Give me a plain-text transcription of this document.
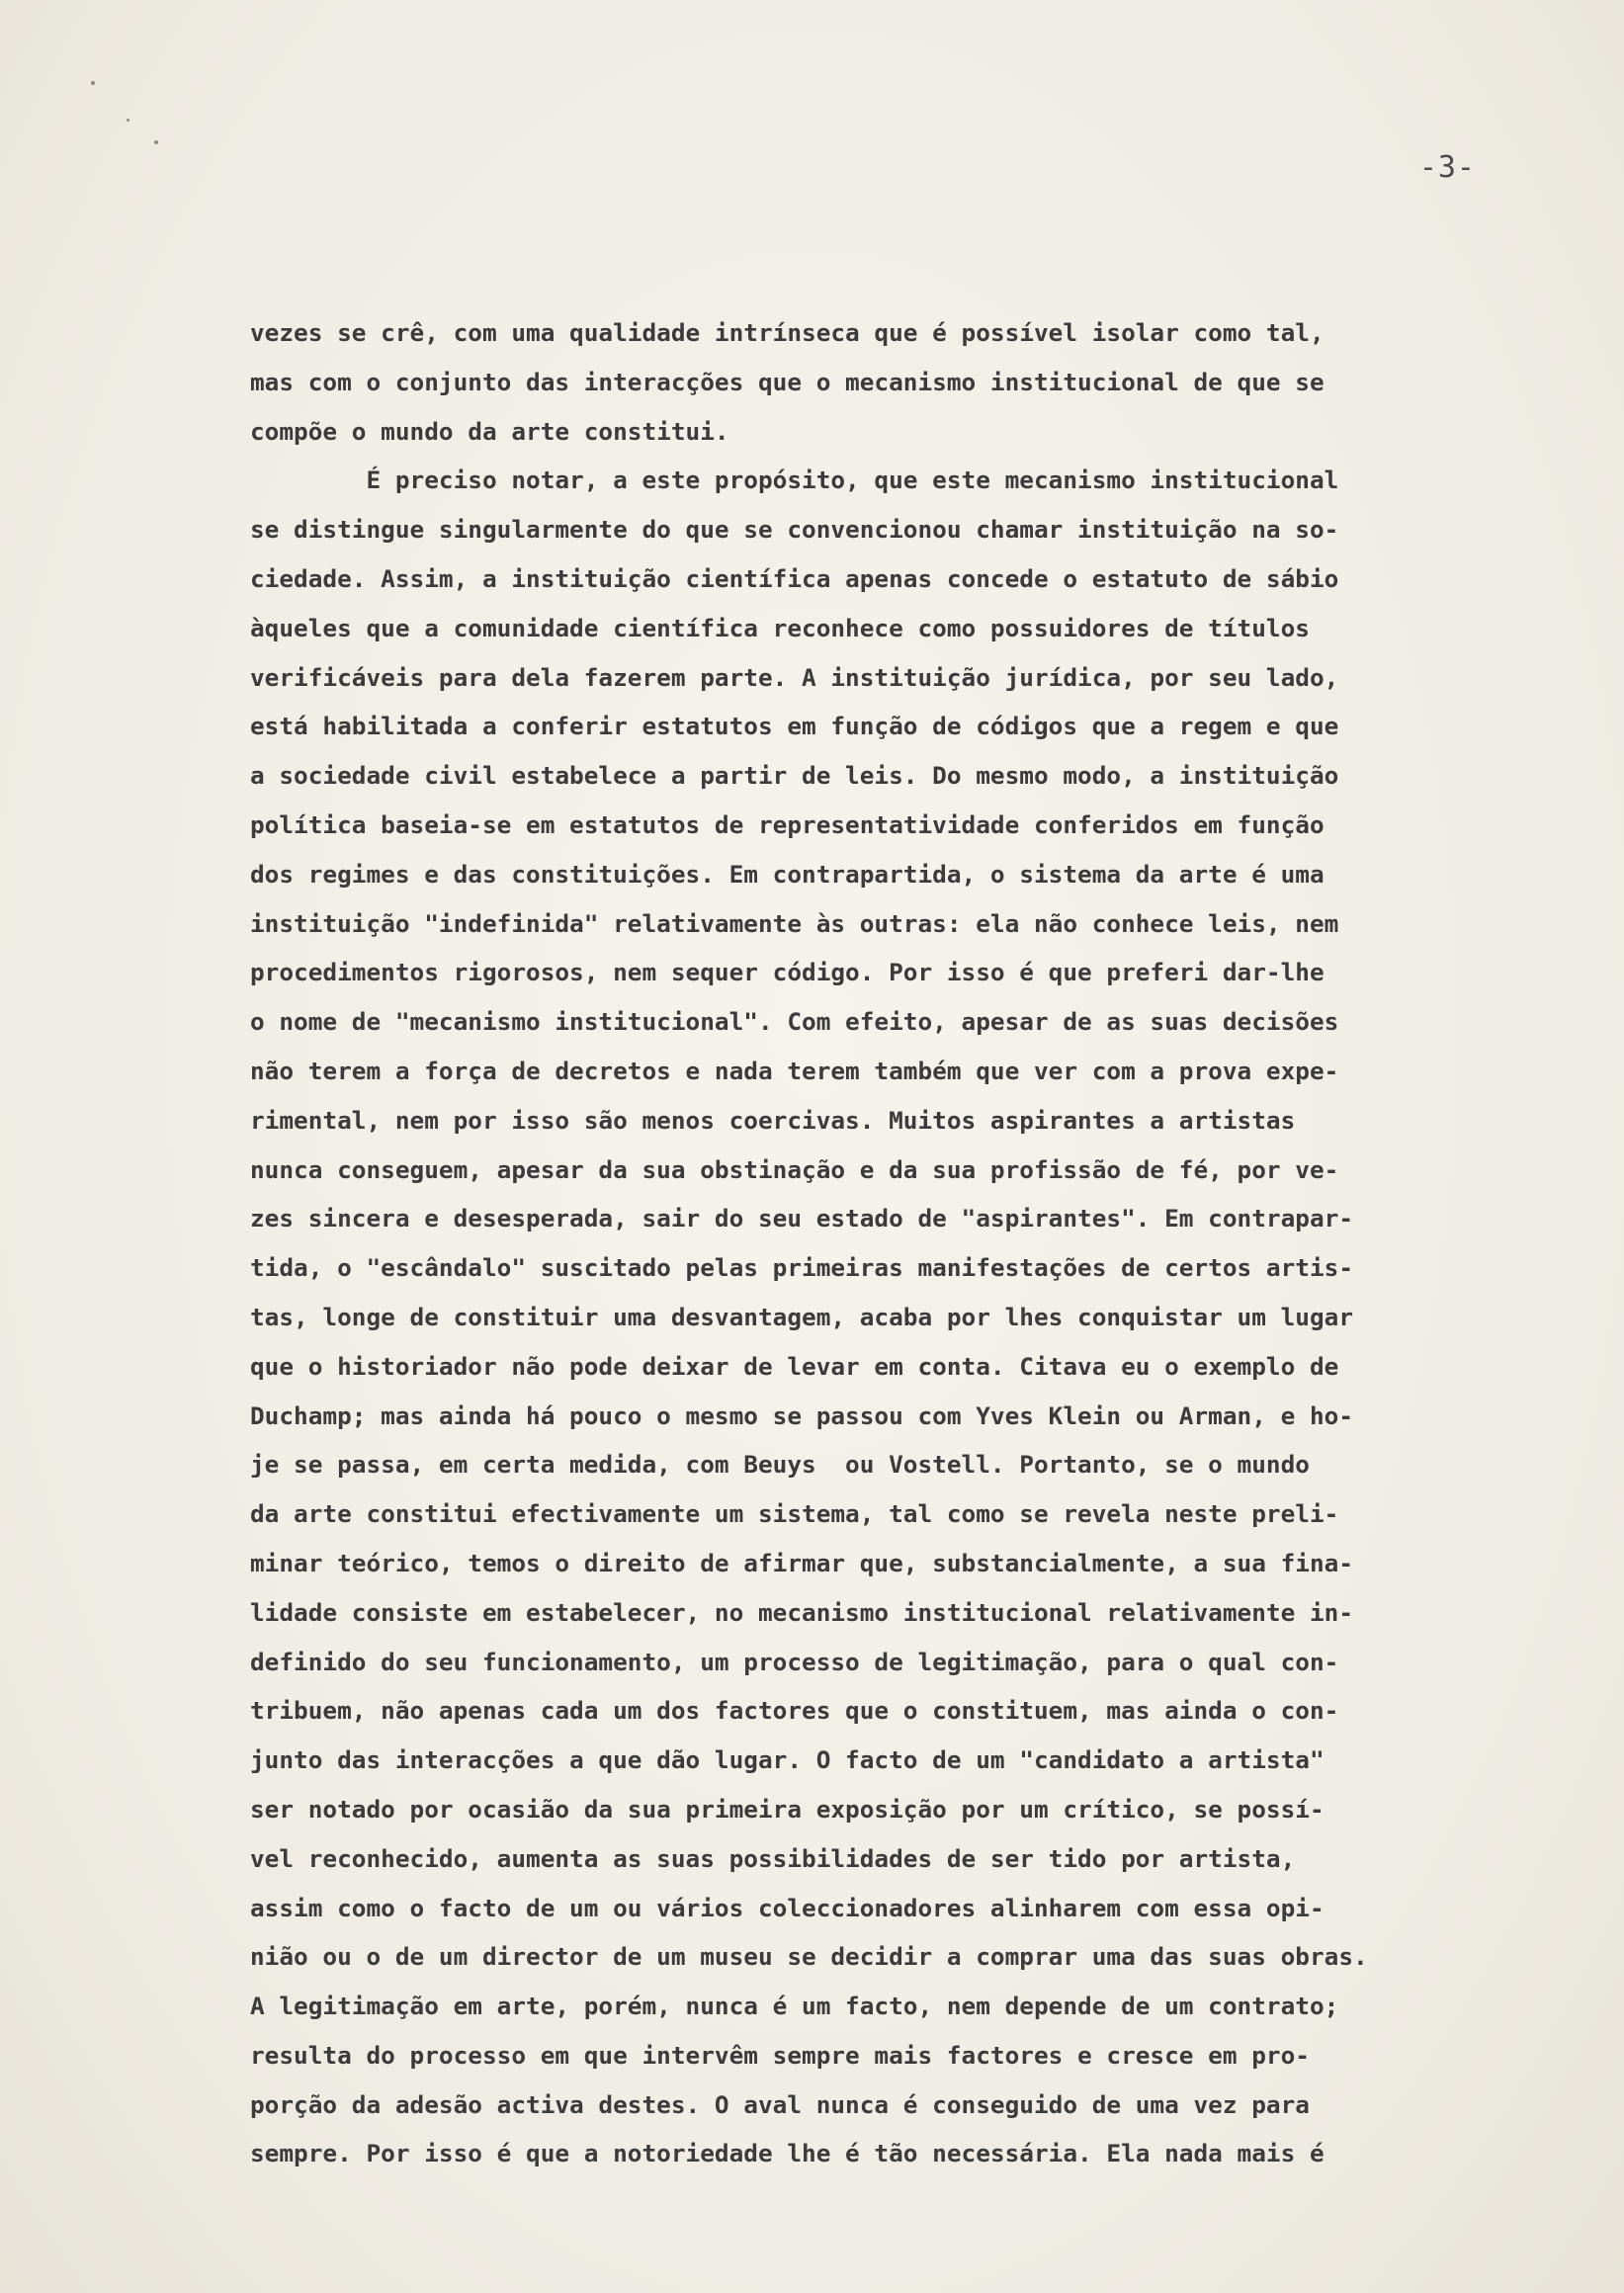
-3-
vezes se crê, com uma qualidade intrínseca que é possível isolar como tal,
mas com o conjunto das interacções que o mecanismo institucional de que se
compõe o mundo da arte constitui.
É preciso notar, a este propósito, que este mecanismo institucional
se distingue singularmente do que se convencionou chamar instituição na so-
ciedade. Assim, a instituição científica apenas concede o estatuto de sábio
àqueles que a comunidade científica reconhece como possuidores de títulos
verificáveis para dela fazerem parte. A instituição jurídica, por seu lado,
está habilitada a conferir estatutos em função de códigos que a regem e que
a sociedade civil estabelece a partir de leis. Do mesmo modo, a instituição
política baseia-se em estatutos de representatividade conferidos em função
dos regimes e das constituições. Em contrapartida, o sistema da arte é uma
instituição "indefinida" relativamente às outras: ela não conhece leis, nem
procedimentos rigorosos, nem sequer código. Por isso é que preferi dar-lhe
o nome de "mecanismo institucional". Com efeito, apesar de as suas decisões
não terem a força de decretos e nada terem também que ver com a prova expe-
rimental, nem por isso são menos coercivas. Muitos aspirantes a artistas
nunca conseguem, apesar da sua obstinação e da sua profissão de fé, por ve-
zes sincera e desesperada, sair do seu estado de "aspirantes". Em contrapar-
tida, o "escândalo" suscitado pelas primeiras manifestações de certos artis-
tas, longe de constituir uma desvantagem, acaba por lhes conquistar um lugar
que o historiador não pode deixar de levar em conta. Citava eu o exemplo de
Duchamp; mas ainda há pouco o mesmo se passou com Yves Klein ou Arman, e ho-
je se passa, em certa medida, com Beuys  ou Vostell. Portanto, se o mundo
da arte constitui efectivamente um sistema, tal como se revela neste preli-
minar teórico, temos o direito de afirmar que, substancialmente, a sua fina-
lidade consiste em estabelecer, no mecanismo institucional relativamente in-
definido do seu funcionamento, um processo de legitimação, para o qual con-
tribuem, não apenas cada um dos factores que o constituem, mas ainda o con-
junto das interacções a que dão lugar. O facto de um "candidato a artista"
ser notado por ocasião da sua primeira exposição por um crítico, se possí-
vel reconhecido, aumenta as suas possibilidades de ser tido por artista,
assim como o facto de um ou vários coleccionadores alinharem com essa opi-
nião ou o de um director de um museu se decidir a comprar uma das suas obras.
A legitimação em arte, porém, nunca é um facto, nem depende de um contrato;
resulta do processo em que intervêm sempre mais factores e cresce em pro-
porção da adesão activa destes. O aval nunca é conseguido de uma vez para
sempre. Por isso é que a notoriedade lhe é tão necessária. Ela nada mais é
